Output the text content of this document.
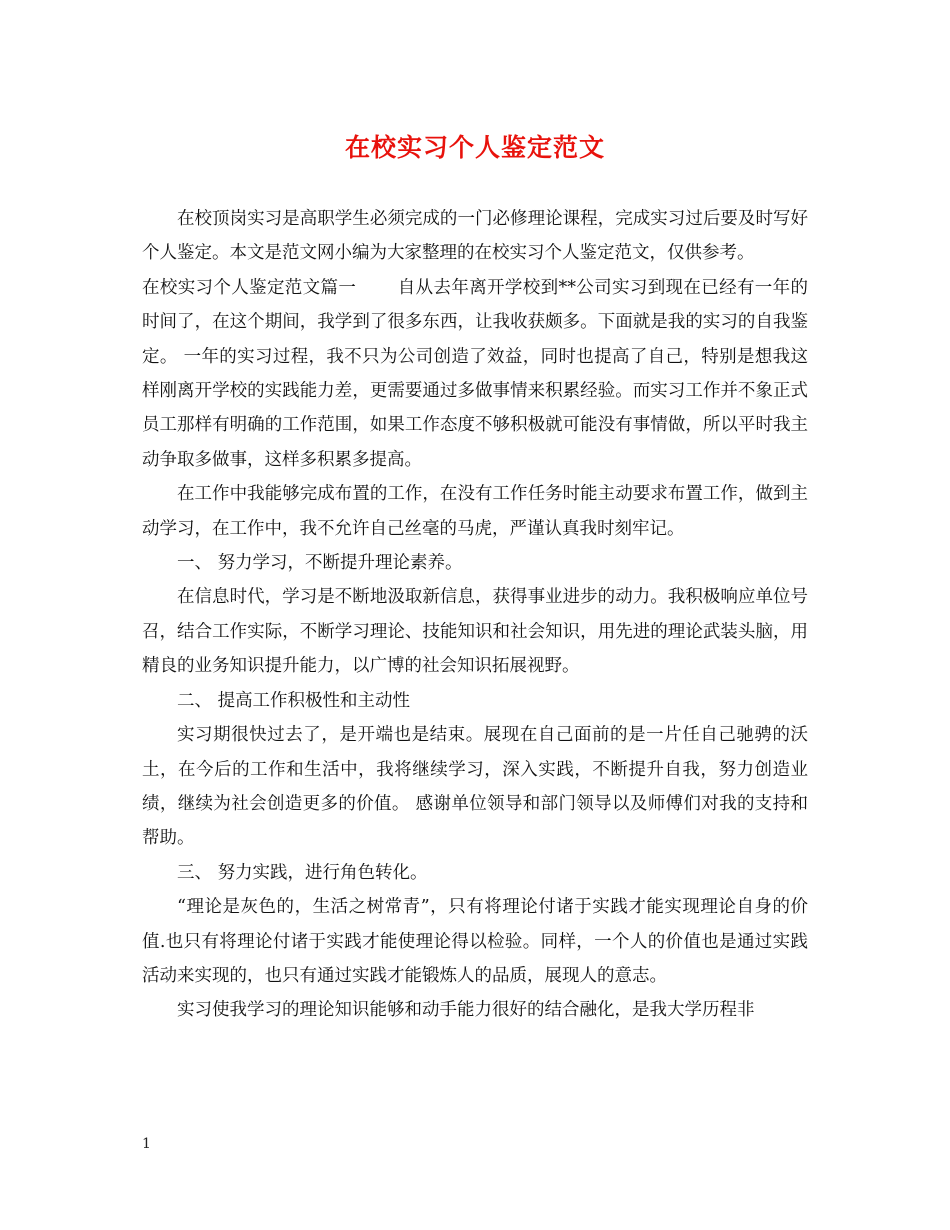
在校实习个人鉴定范文

在校顶岗实习是高职学生必须完成的一门必修理论课程，完成实习过后要及时写好个人鉴定。本文是范文网小编为大家整理的在校实习个人鉴定范文，仅供参考。

在校实习个人鉴定范文篇一　　 自从去年离开学校到**公司实习到现在已经有一年的时间了，在这个期间，我学到了很多东西，让我收获颇多。下面就是我的实习的自我鉴定。 一年的实习过程，我不只为公司创造了效益，同时也提高了自己，特别是想我这样刚离开学校的实践能力差，更需要通过多做事情来积累经验。而实习工作并不象正式员工那样有明确的工作范围，如果工作态度不够积极就可能没有事情做，所以平时我主动争取多做事，这样多积累多提高。

在工作中我能够完成布置的工作，在没有工作任务时能主动要求布置工作，做到主动学习，在工作中，我不允许自己丝毫的马虎，严谨认真我时刻牢记。

一、 努力学习，不断提升理论素养。

在信息时代，学习是不断地汲取新信息，获得事业进步的动力。我积极响应单位号召，结合工作实际，不断学习理论、技能知识和社会知识，用先进的理论武装头脑，用精良的业务知识提升能力，以广博的社会知识拓展视野。

二、 提高工作积极性和主动性

实习期很快过去了，是开端也是结束。展现在自己面前的是一片任自己驰骋的沃土，在今后的工作和生活中，我将继续学习，深入实践，不断提升自我，努力创造业绩，继续为社会创造更多的价值。 感谢单位领导和部门领导以及师傅们对我的支持和帮助。

三、 努力实践，进行角色转化。

“理论是灰色的，生活之树常青”，只有将理论付诸于实践才能实现理论自身的价值.也只有将理论付诸于实践才能使理论得以检验。同样，一个人的价值也是通过实践活动来实现的，也只有通过实践才能锻炼人的品质，展现人的意志。

实习使我学习的理论知识能够和动手能力很好的结合融化，是我大学历程非

1
